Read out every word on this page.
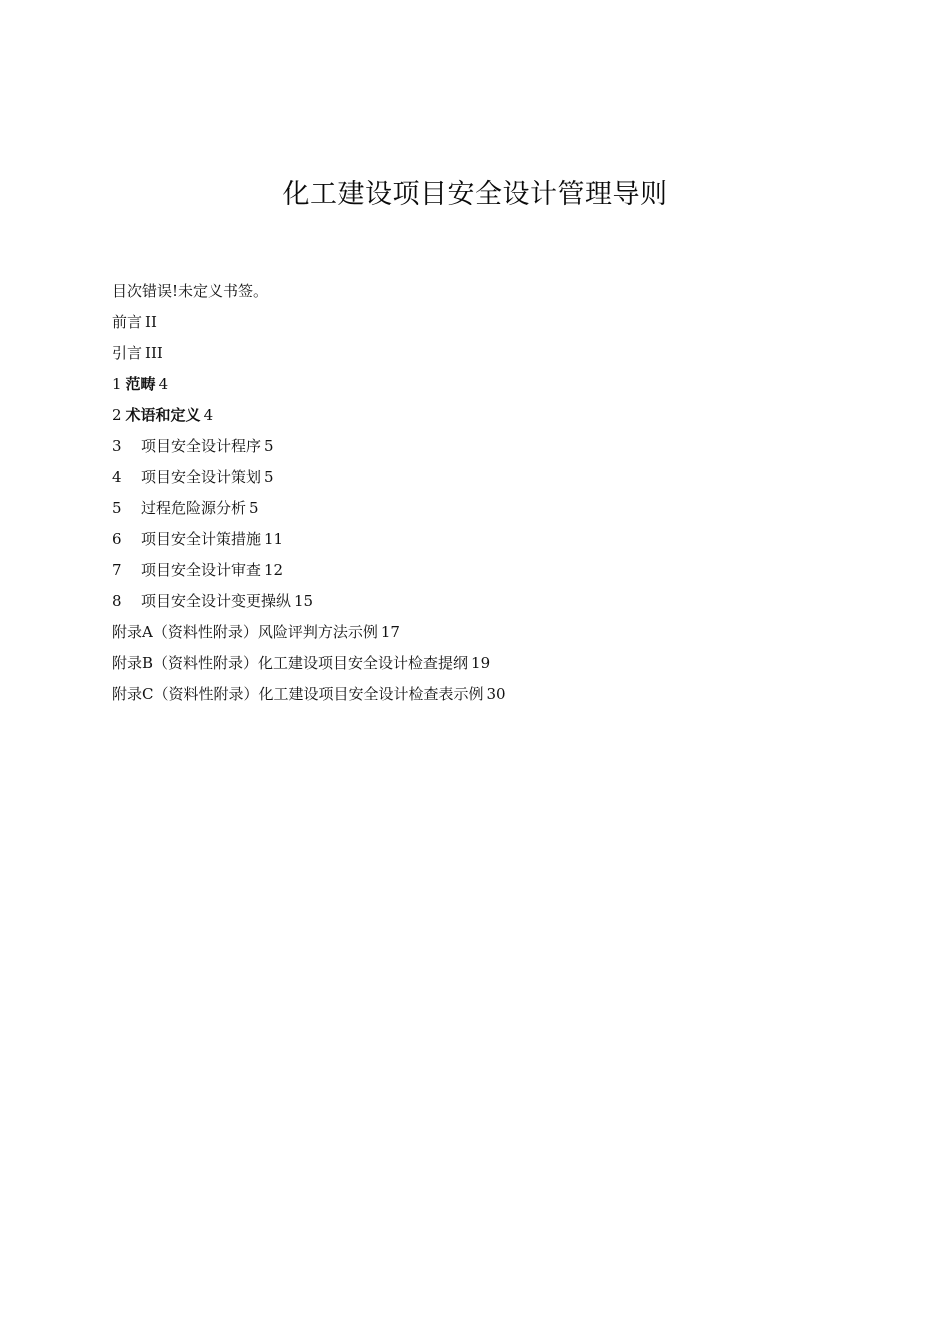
化工建设项目安全设计管理导则
目次错误!未定义书签。
前言 II
引言 III
1 范畴 4
2 术语和定义 4
3	项目安全设计程序 5
4	项目安全设计策划 5
5	过程危险源分析 5
6	项目安全计策措施 11
7	项目安全设计审查 12
8	项目安全设计变更操纵 15
附录A（资料性附录）风险评判方法示例 17
附录B（资料性附录）化工建设项目安全设计检查提纲 19
附录C（资料性附录）化工建设项目安全设计检查表示例 30
